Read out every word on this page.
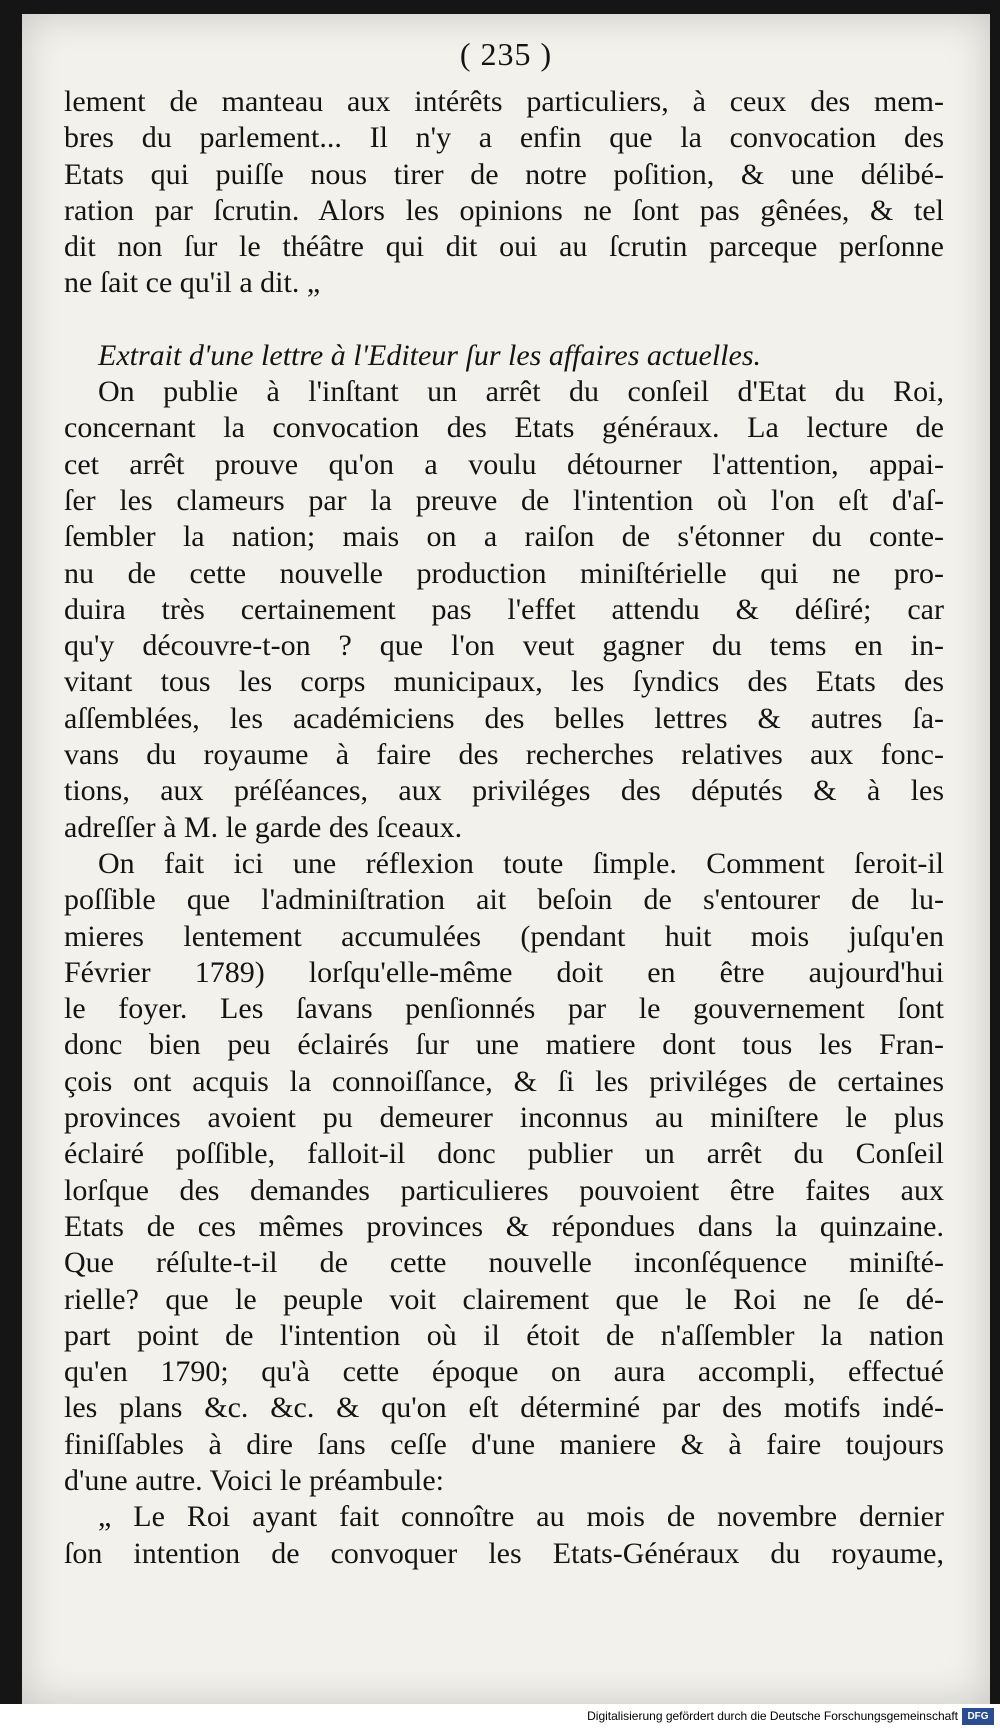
( 235 )
lement de manteau aux intérêts particuliers, à ceux des mem-
bres du parlement... Il n'y a enfin que la convocation des
Etats qui puiſſe nous tirer de notre poſition, & une délibé-
ration par ſcrutin. Alors les opinions ne ſont pas gênées, & tel
dit non ſur le théâtre qui dit oui au ſcrutin parceque perſonne
ne ſait ce qu'il a dit. „
Extrait d'une lettre à l'Editeur ſur les affaires actuelles.
On publie à l'inſtant un arrêt du conſeil d'Etat du Roi,
concernant la convocation des Etats généraux. La lecture de
cet arrêt prouve qu'on a voulu détourner l'attention, appai-
ſer les clameurs par la preuve de l'intention où l'on eſt d'aſ-
ſembler la nation; mais on a raiſon de s'étonner du conte-
nu de cette nouvelle production miniſtérielle qui ne pro-
duira très certainement pas l'effet attendu & déſiré; car
qu'y découvre-t-on ? que l'on veut gagner du tems en in-
vitant tous les corps municipaux, les ſyndics des Etats des
aſſemblées, les académiciens des belles lettres & autres ſa-
vans du royaume à faire des recherches relatives aux fonc-
tions, aux préſéances, aux priviléges des députés & à les
adreſſer à M. le garde des ſceaux.
On fait ici une réflexion toute ſimple. Comment ſeroit-il
poſſible que l'adminiſtration ait beſoin de s'entourer de lu-
mieres lentement accumulées (pendant huit mois juſqu'en
Février 1789) lorſqu'elle-même doit en être aujourd'hui
le foyer. Les ſavans penſionnés par le gouvernement ſont
donc bien peu éclairés ſur une matiere dont tous les Fran-
çois ont acquis la connoiſſance, & ſi les priviléges de certaines
provinces avoient pu demeurer inconnus au miniſtere le plus
éclairé poſſible, falloit-il donc publier un arrêt du Conſeil
lorſque des demandes particulieres pouvoient être faites aux
Etats de ces mêmes provinces & répondues dans la quinzaine.
Que réſulte-t-il de cette nouvelle inconſéquence miniſté-
rielle? que le peuple voit clairement que le Roi ne ſe dé-
part point de l'intention où il étoit de n'aſſembler la nation
qu'en 1790; qu'à cette époque on aura accompli, effectué
les plans &c. &c. & qu'on eſt déterminé par des motifs indé-
finiſſables à dire ſans ceſſe d'une maniere & à faire toujours
d'une autre. Voici le préambule:
„ Le Roi ayant fait connoître au mois de novembre dernier
ſon intention de convoquer les Etats-Généraux du royaume,
Digitalisierung gefördert durch die Deutsche Forschungsgemeinschaft DFG
